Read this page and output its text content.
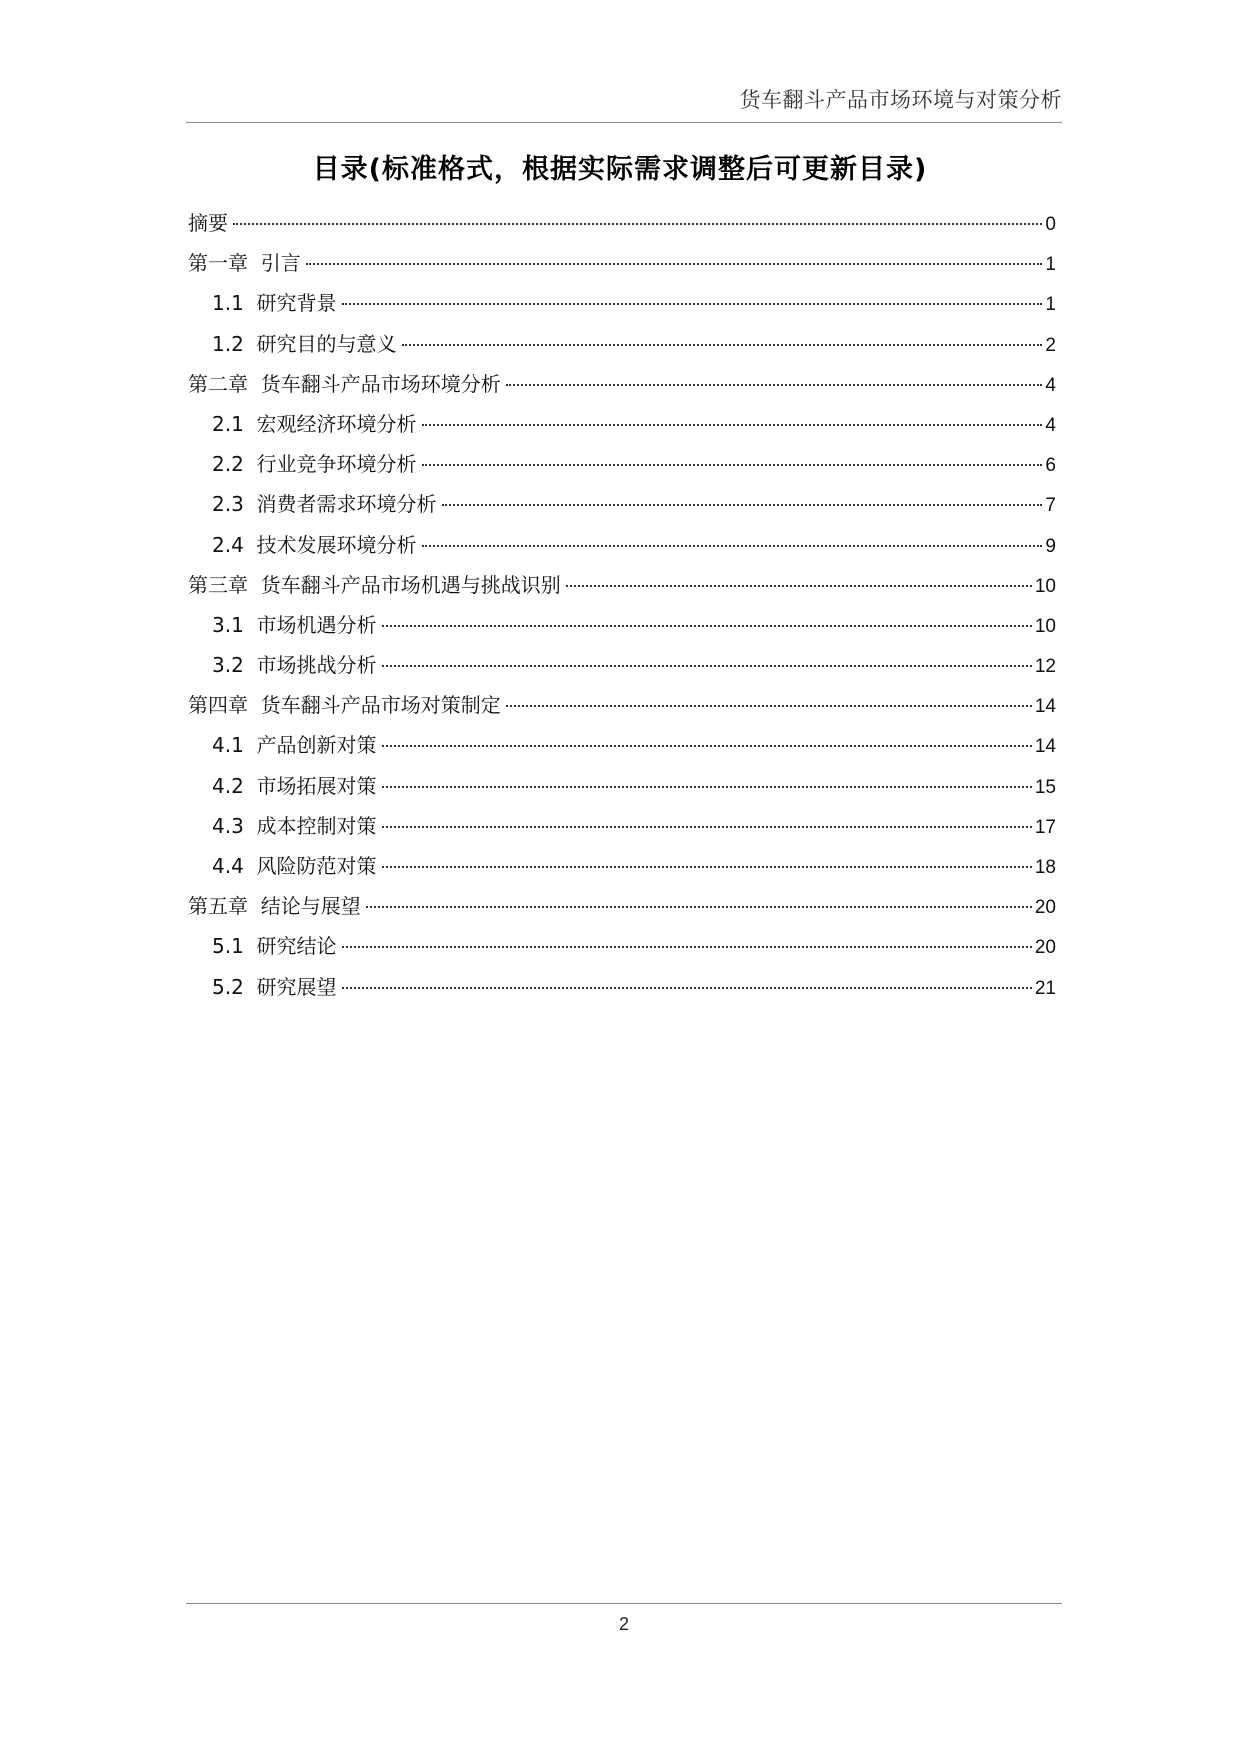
货车翻斗产品市场环境与对策分析
目录(标准格式，根据实际需求调整后可更新目录)
摘要	0
第一章  引言	1
1.1  研究背景	1
1.2  研究目的与意义	2
第二章  货车翻斗产品市场环境分析	4
2.1  宏观经济环境分析	4
2.2  行业竞争环境分析	6
2.3  消费者需求环境分析	7
2.4  技术发展环境分析	9
第三章  货车翻斗产品市场机遇与挑战识别	10
3.1  市场机遇分析	10
3.2  市场挑战分析	12
第四章  货车翻斗产品市场对策制定	14
4.1  产品创新对策	14
4.2  市场拓展对策	15
4.3  成本控制对策	17
4.4  风险防范对策	18
第五章  结论与展望	20
5.1  研究结论	20
5.2  研究展望	21
2
